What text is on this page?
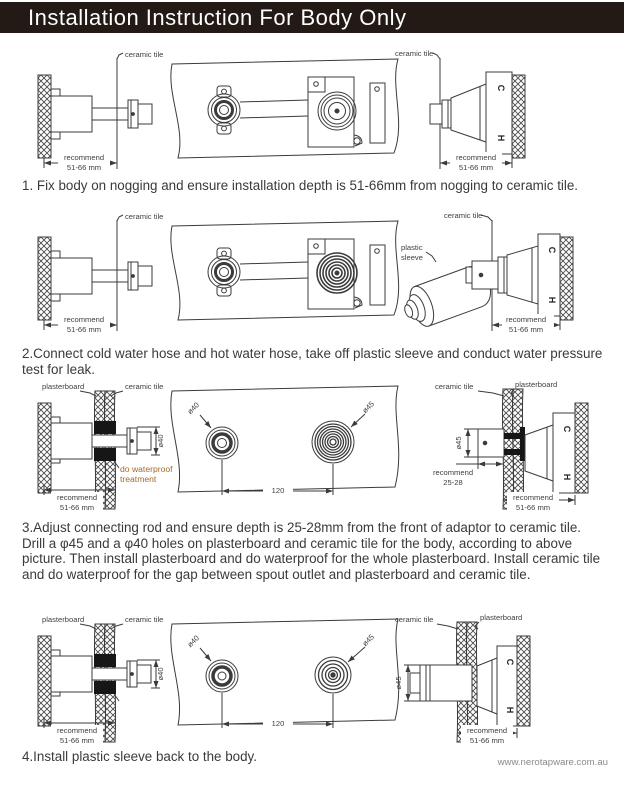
Installation Instruction For Body Only
ceramic tile
recommend
51-66 mm
ceramic tile
C
H
recommend
51-66 mm
1. Fix body on nogging and ensure installation depth is 51-66mm from nogging to ceramic tile.
ceramic tile
recommend
51-66 mm
plastic
sleeve
ceramic tile
C
H
recommend
51-66 mm
2.Connect cold water hose and hot water hose, take off plastic sleeve and conduct water pressure test for leak.
plasterboard	ceramic tile
ø40
do waterproof
treatment
recommend
51-66 mm
ø40	ø45
120
ceramic tile	plasterboard
C
H
ø45
recommend
25-28
recommend
51-66 mm

3.Adjust connecting rod and ensure depth is 25-28mm from the front of adaptor to ceramic tile.

Drill a φ45 and a φ40 holes on plasterboard and ceramic tile for the body, according to above picture. Then install plasterboard and do waterproof for the whole plasterboard. Install ceramic tile and do waterproof for the gap between spout outlet and plasterboard and ceramic tile.

plasterboard	ceramic tile
ø40
recommend
51-66 mm
ø40	ø45
120
ceramic tile	plasterboard
ø45
C
H
recommend
51-66 mm
4.Install plastic sleeve back to the body.	www.nerotapware.com.au
